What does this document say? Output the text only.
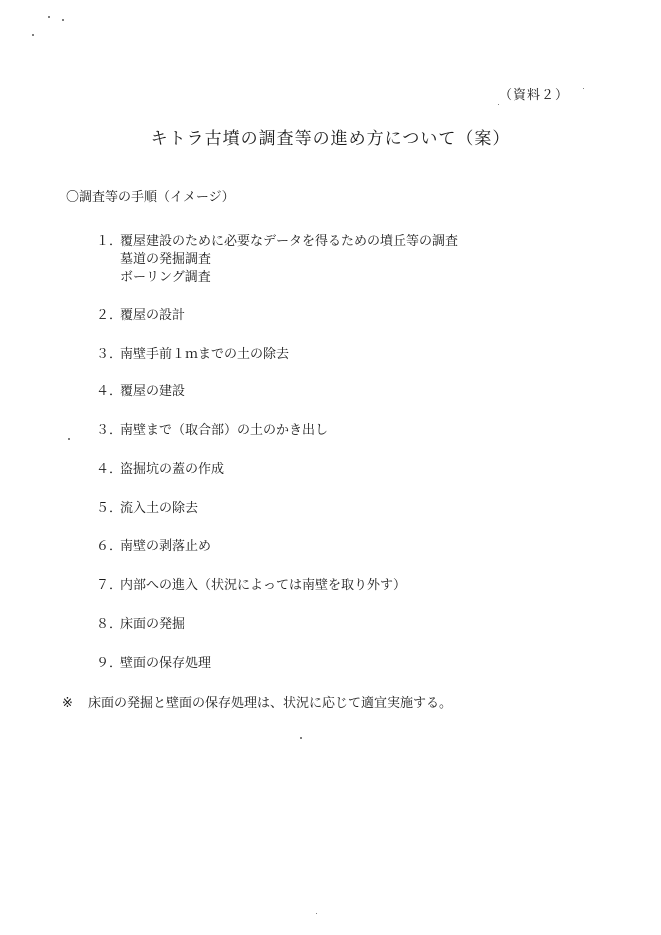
（資料２）
キトラ古墳の調査等の進め方について（案）
〇調査等の手順（イメージ）
１．覆屋建設のために必要なデータを得るための墳丘等の調査
墓道の発掘調査
ボーリング調査
２．覆屋の設計
３．南壁手前１ｍまでの土の除去
４．覆屋の建設
３．南壁まで（取合部）の土のかき出し
４．盗掘坑の蓋の作成
５．流入土の除去
６．南壁の剥落止め
７．内部への進入（状況によっては南壁を取り外す）
８．床面の発掘
９．壁面の保存処理
※ 床面の発掘と壁面の保存処理は、状況に応じて適宜実施する。
